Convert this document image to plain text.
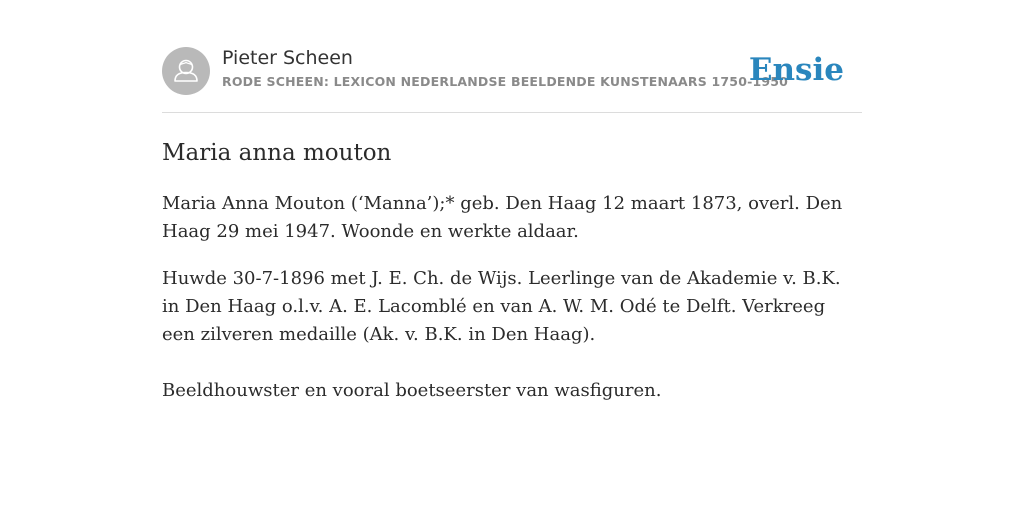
Pieter Scheen
RODE SCHEEN: LEXICON NEDERLANDSE BEELDENDE KUNSTENAARS 1750-1950
Ensie
Maria anna mouton

Maria Anna Mouton (‘Manna’);* geb. Den Haag 12 maart 1873, overl. Den Haag 29 mei 1947. Woonde en werkte aldaar.

Huwde 30-7-1896 met J. E. Ch. de Wijs. Leerlinge van de Akademie v. B.K. in Den Haag o.l.v. A. E. Lacomblé en van A. W. M. Odé te Delft. Verkreeg een zilveren medaille (Ak. v. B.K. in Den Haag).

Beeldhouwster en vooral boetseerster van wasfiguren.
